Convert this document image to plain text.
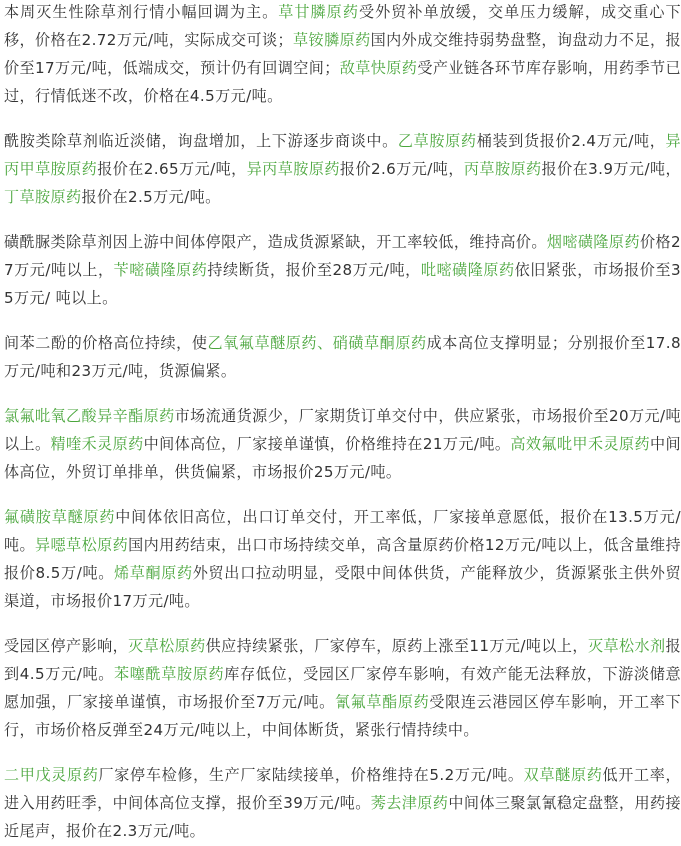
本周灭生性除草剂行情小幅回调为主。草甘膦原药受外贸补单放缓，交单压力缓解，成交重心下移，价格在2.72万元/吨，实际成交可谈；草铵膦原药国内外成交维持弱势盘整，询盘动力不足，报价至17万元/吨，低端成交，预计仍有回调空间；敌草快原药受产业链各环节库存影响，用药季节已过，行情低迷不改，价格在4.5万元/吨。

酰胺类除草剂临近淡储，询盘增加，上下游逐步商谈中。乙草胺原药桶装到货报价2.4万元/吨，异丙甲草胺原药报价在2.65万元/吨，异丙草胺原药报价2.6万元/吨，丙草胺原药报价在3.9万元/吨，丁草胺原药报价在2.5万元/吨。

磺酰脲类除草剂因上游中间体停限产，造成货源紧缺，开工率较低，维持高价。烟嘧磺隆原药价格27万元/吨以上，苄嘧磺隆原药持续断货，报价至28万元/吨，吡嘧磺隆原药依旧紧张，市场报价至35万元/ 吨以上。

间苯二酚的价格高位持续，使乙氧氟草醚原药、硝磺草酮原药成本高位支撑明显；分别报价至17.8万元/吨和23万元/吨，货源偏紧。

氯氟吡氧乙酸异辛酯原药市场流通货源少，厂家期货订单交付中，供应紧张，市场报价至20万元/吨以上。精喹禾灵原药中间体高位，厂家接单谨慎，价格维持在21万元/吨。高效氟吡甲禾灵原药中间体高位，外贸订单排单，供货偏紧，市场报价25万元/吨。

氟磺胺草醚原药中间体依旧高位，出口订单交付，开工率低，厂家接单意愿低，报价在13.5万元/吨。异噁草松原药国内用药结束，出口市场持续交单，高含量原药价格12万元/吨以上，低含量维持报价8.5万/吨。烯草酮原药外贸出口拉动明显，受限中间体供货，产能释放少，货源紧张主供外贸渠道，市场报价17万元/吨。

受园区停产影响，灭草松原药供应持续紧张，厂家停车，原药上涨至11万元/吨以上，灭草松水剂报到4.5万元/吨。苯噻酰草胺原药库存低位，受园区厂家停车影响，有效产能无法释放，下游淡储意愿加强，厂家接单谨慎，市场报价至7万元/吨。氰氟草酯原药受限连云港园区停车影响，开工率下行，市场价格反弹至24万元/吨以上，中间体断货，紧张行情持续中。

二甲戊灵原药厂家停车检修，生产厂家陆续接单，价格维持在5.2万元/吨。双草醚原药低开工率，进入用药旺季，中间体高位支撑，报价至39万元/吨。莠去津原药中间体三聚氯氰稳定盘整，用药接近尾声，报价在2.3万元/吨。
